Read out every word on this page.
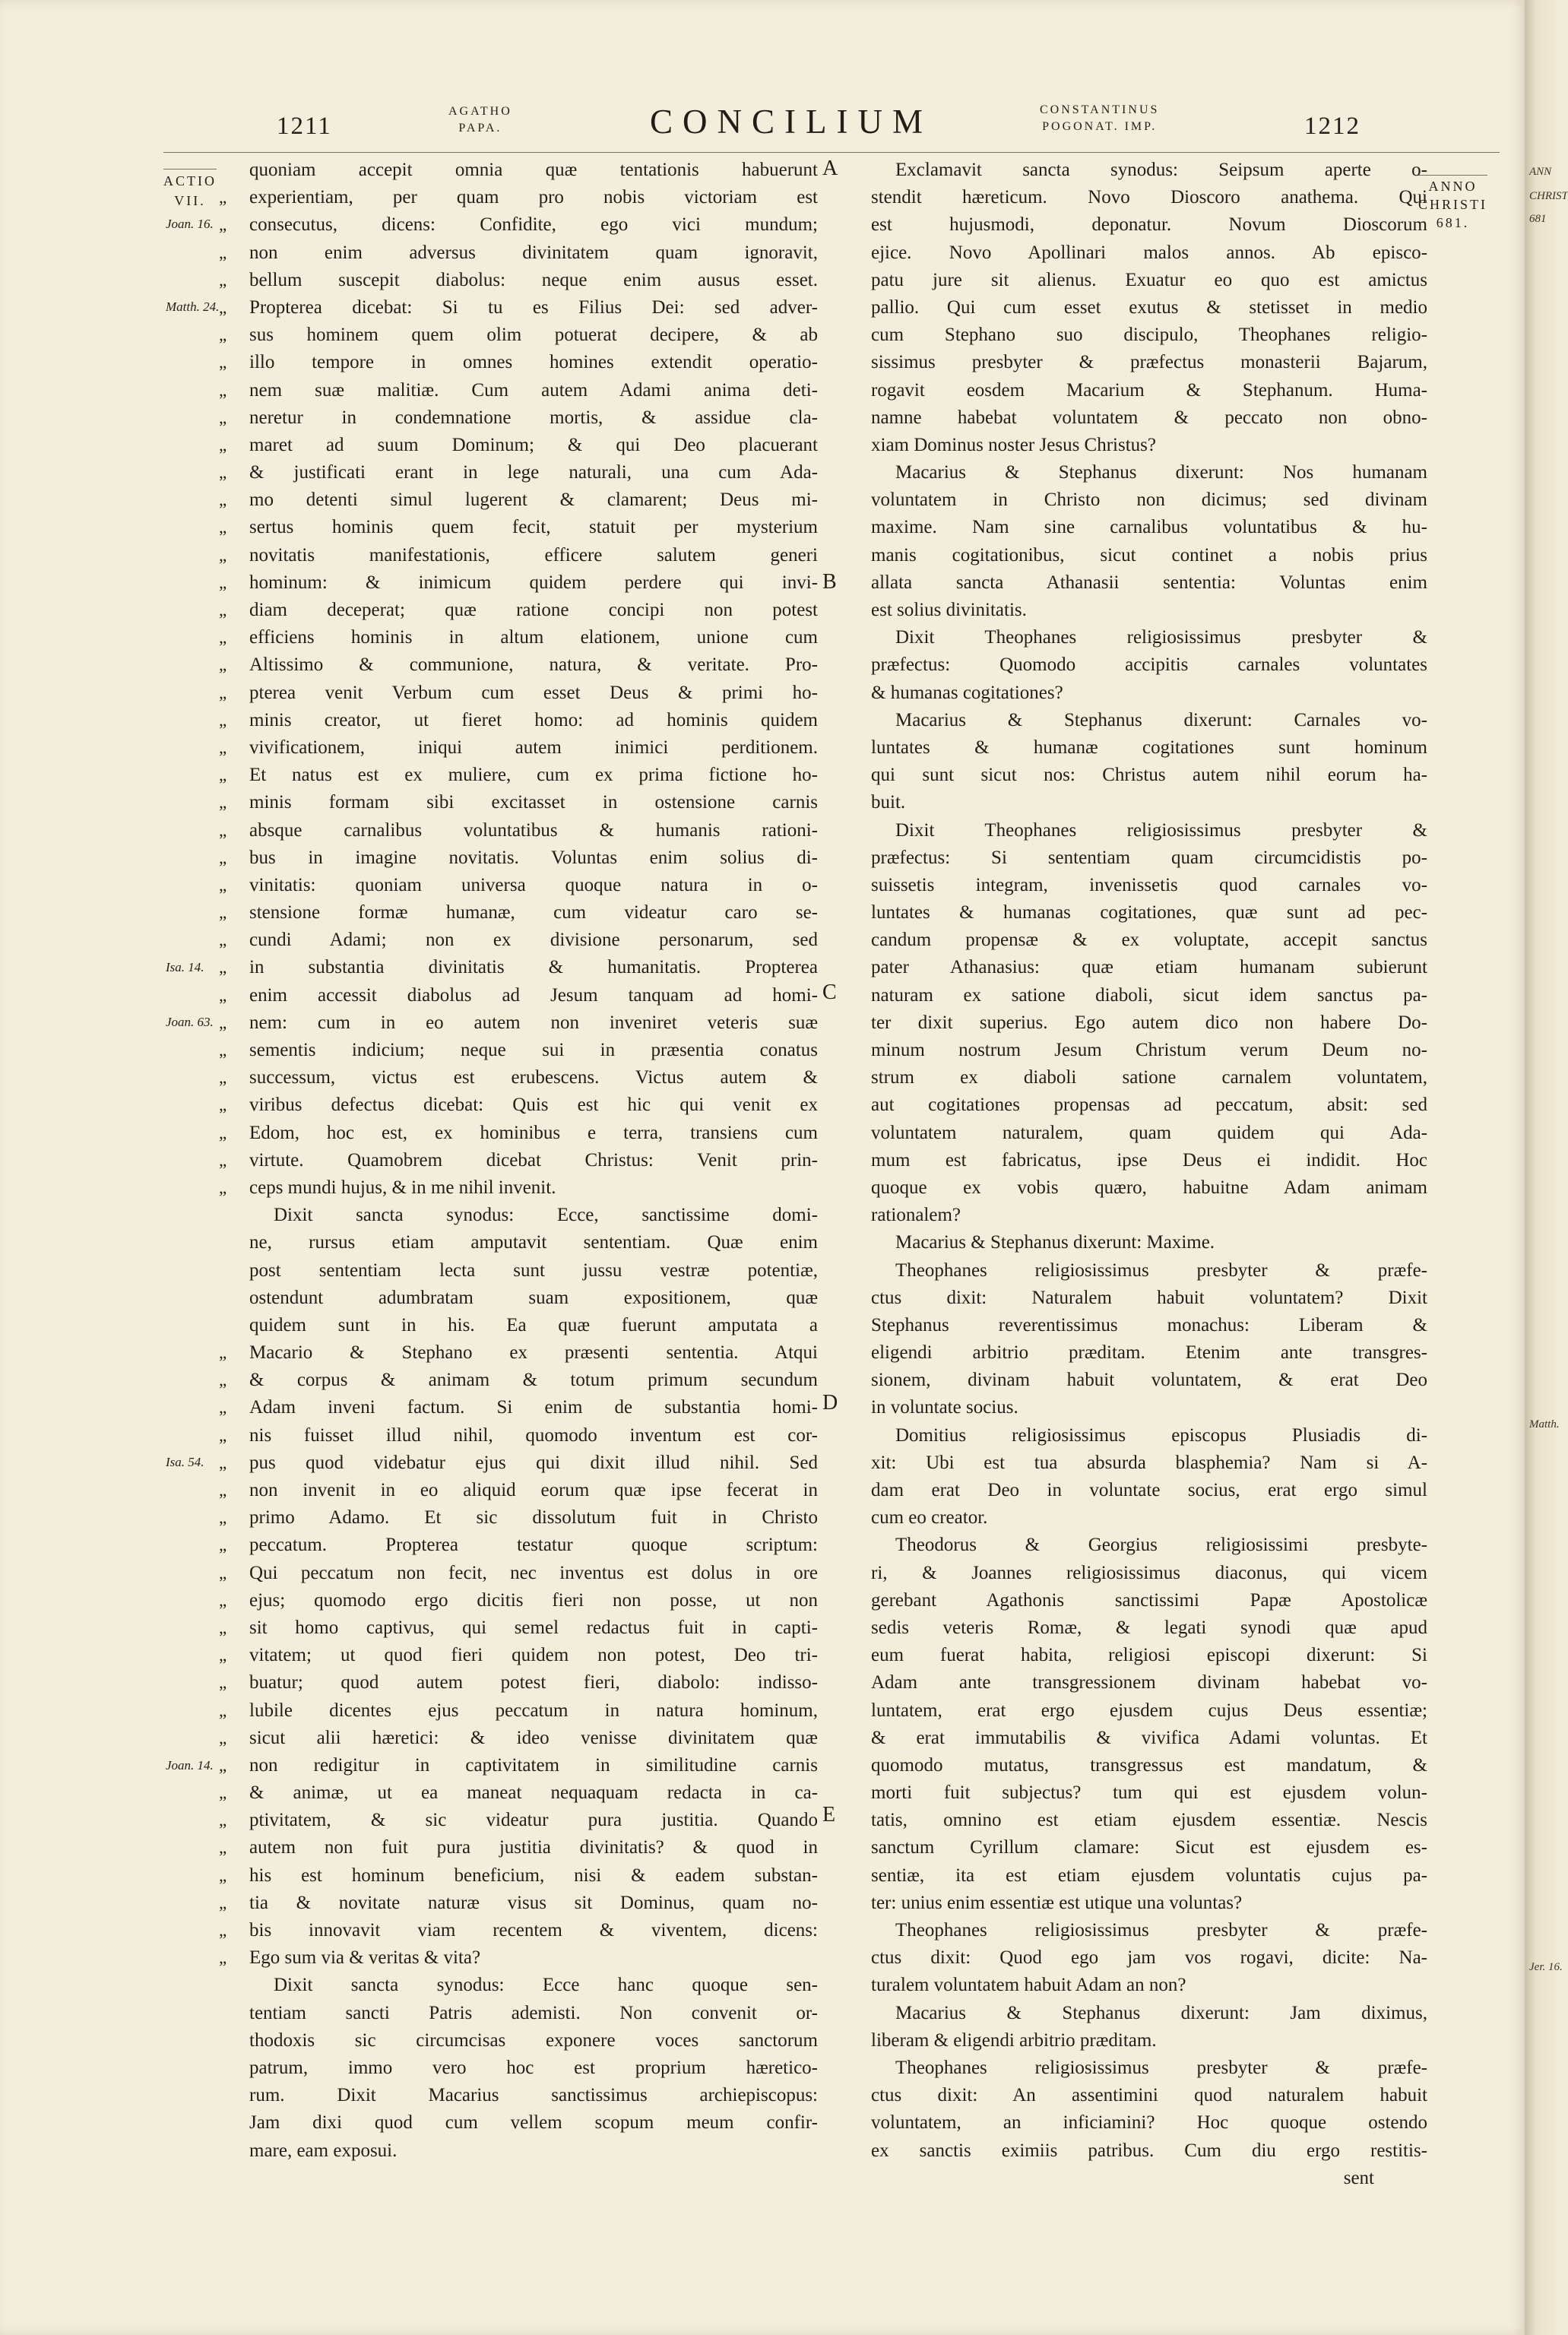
1211
AGATHO
PAPA.	CONCILIUM	CONSTANTINUS
POGONAT. IMP.	1212
ACTIO
VII.
ANNO
CHRISTI
681.
Joan. 16.
Matth. 24.
Isa. 14.
Joan. 63.
Isa. 54.
Joan. 14.
„
„
„
„
„
„
„
„
„
„
„
„
„
„
„
„
„
„
„
„
„
„
„
„
„
„
„
„
„
„
„
„
„
„
„
„
„
„
„
„
„
„
„
„
„
„
„
„
„
„
„
„
„
„
„
„
„
„
„
„
A
B
C
D
E
quoniam accepit omnia quæ tentationis habuerunt
experientiam, per quam pro nobis victoriam est
consecutus, dicens: Confidite, ego vici mundum;
non enim adversus divinitatem quam ignoravit,
bellum suscepit diabolus: neque enim ausus esset.
Propterea dicebat: Si tu es Filius Dei: sed adver-
sus hominem quem olim potuerat decipere, & ab
illo tempore in omnes homines extendit operatio-
nem suæ malitiæ. Cum autem Adami anima deti-
neretur in condemnatione mortis, & assidue cla-
maret ad suum Dominum; & qui Deo placuerant
& justificati erant in lege naturali, una cum Ada-
mo detenti simul lugerent & clamarent; Deus mi-
sertus hominis quem fecit, statuit per mysterium
novitatis manifestationis, efficere salutem generi
hominum: & inimicum quidem perdere qui invi-
diam deceperat; quæ ratione concipi non potest
efficiens hominis in altum elationem, unione cum
Altissimo & communione, natura, & veritate. Pro-
pterea venit Verbum cum esset Deus & primi ho-
minis creator, ut fieret homo: ad hominis quidem
vivificationem, iniqui autem inimici perditionem.
Et natus est ex muliere, cum ex prima fictione ho-
minis formam sibi excitasset in ostensione carnis
absque carnalibus voluntatibus & humanis rationi-
bus in imagine novitatis. Voluntas enim solius di-
vinitatis: quoniam universa quoque natura in o-
stensione formæ humanæ, cum videatur caro se-
cundi Adami; non ex divisione personarum, sed
in substantia divinitatis & humanitatis. Propterea
enim accessit diabolus ad Jesum tanquam ad homi-
nem: cum in eo autem non inveniret veteris suæ
sementis indicium; neque sui in præsentia conatus
successum, victus est erubescens. Victus autem &
viribus defectus dicebat: Quis est hic qui venit ex
Edom, hoc est, ex hominibus e terra, transiens cum
virtute. Quamobrem dicebat Christus: Venit prin-
ceps mundi hujus, & in me nihil invenit.
Dixit sancta synodus: Ecce, sanctissime domi-
ne, rursus etiam amputavit sententiam. Quæ enim
post sententiam lecta sunt jussu vestræ potentiæ,
ostendunt adumbratam suam expositionem, quæ
quidem sunt in his. Ea quæ fuerunt amputata a
Macario & Stephano ex præsenti sententia. Atqui
& corpus & animam & totum primum secundum
Adam inveni factum. Si enim de substantia homi-
nis fuisset illud nihil, quomodo inventum est cor-
pus quod videbatur ejus qui dixit illud nihil. Sed
non invenit in eo aliquid eorum quæ ipse fecerat in
primo Adamo. Et sic dissolutum fuit in Christo
peccatum. Propterea testatur quoque scriptum:
Qui peccatum non fecit, nec inventus est dolus in ore
ejus; quomodo ergo dicitis fieri non posse, ut non
sit homo captivus, qui semel redactus fuit in capti-
vitatem; ut quod fieri quidem non potest, Deo tri-
buatur; quod autem potest fieri, diabolo: indisso-
lubile dicentes ejus peccatum in natura hominum,
sicut alii hæretici: & ideo venisse divinitatem quæ
non redigitur in captivitatem in similitudine carnis
& animæ, ut ea maneat nequaquam redacta in ca-
ptivitatem, & sic videatur pura justitia. Quando
autem non fuit pura justitia divinitatis? & quod in
his est hominum beneficium, nisi & eadem substan-
tia & novitate naturæ visus sit Dominus, quam no-
bis innovavit viam recentem & viventem, dicens:
Ego sum via & veritas & vita?
Dixit sancta synodus: Ecce hanc quoque sen-
tentiam sancti Patris ademisti. Non convenit or-
thodoxis sic circumcisas exponere voces sanctorum
patrum, immo vero hoc est proprium hæretico-
rum. Dixit Macarius sanctissimus archiepiscopus:
Jam dixi quod cum vellem scopum meum confir-
mare, eam exposui.
Exclamavit sancta synodus: Seipsum aperte o-
stendit hæreticum. Novo Dioscoro anathema. Qui
est hujusmodi, deponatur. Novum Dioscorum
ejice. Novo Apollinari malos annos. Ab episco-
patu jure sit alienus. Exuatur eo quo est amictus
pallio. Qui cum esset exutus & stetisset in medio
cum Stephano suo discipulo, Theophanes religio-
sissimus presbyter & præfectus monasterii Bajarum,
rogavit eosdem Macarium & Stephanum. Huma-
namne habebat voluntatem & peccato non obno-
xiam Dominus noster Jesus Christus?
Macarius & Stephanus dixerunt: Nos humanam
voluntatem in Christo non dicimus; sed divinam
maxime. Nam sine carnalibus voluntatibus & hu-
manis cogitationibus, sicut continet a nobis prius
allata sancta Athanasii sententia: Voluntas enim
est solius divinitatis.
Dixit Theophanes religiosissimus presbyter &
præfectus: Quomodo accipitis carnales voluntates
& humanas cogitationes?
Macarius & Stephanus dixerunt: Carnales vo-
luntates & humanæ cogitationes sunt hominum
qui sunt sicut nos: Christus autem nihil eorum ha-
buit.
Dixit Theophanes religiosissimus presbyter &
præfectus: Si sententiam quam circumcidistis po-
suissetis integram, invenissetis quod carnales vo-
luntates & humanas cogitationes, quæ sunt ad pec-
candum propensæ & ex voluptate, accepit sanctus
pater Athanasius: quæ etiam humanam subierunt
naturam ex satione diaboli, sicut idem sanctus pa-
ter dixit superius. Ego autem dico non habere Do-
minum nostrum Jesum Christum verum Deum no-
strum ex diaboli satione carnalem voluntatem,
aut cogitationes propensas ad peccatum, absit: sed
voluntatem naturalem, quam quidem qui Ada-
mum est fabricatus, ipse Deus ei indidit. Hoc
quoque ex vobis quæro, habuitne Adam animam
rationalem?
Macarius & Stephanus dixerunt: Maxime.
Theophanes religiosissimus presbyter & præfe-
ctus dixit: Naturalem habuit voluntatem? Dixit
Stephanus reverentissimus monachus: Liberam &
eligendi arbitrio præditam. Etenim ante transgres-
sionem, divinam habuit voluntatem, & erat Deo
in voluntate socius.
Domitius religiosissimus episcopus Plusiadis di-
xit: Ubi est tua absurda blasphemia? Nam si A-
dam erat Deo in voluntate socius, erat ergo simul
cum eo creator.
Theodorus & Georgius religiosissimi presbyte-
ri, & Joannes religiosissimus diaconus, qui vicem
gerebant Agathonis sanctissimi Papæ Apostolicæ
sedis veteris Romæ, & legati synodi quæ apud
eum fuerat habita, religiosi episcopi dixerunt: Si
Adam ante transgressionem divinam habebat vo-
luntatem, erat ergo ejusdem cujus Deus essentiæ;
& erat immutabilis & vivifica Adami voluntas. Et
quomodo mutatus, transgressus est mandatum, &
morti fuit subjectus? tum qui est ejusdem volun-
tatis, omnino est etiam ejusdem essentiæ. Nescis
sanctum Cyrillum clamare: Sicut est ejusdem es-
sentiæ, ita est etiam ejusdem voluntatis cujus pa-
ter: unius enim essentiæ est utique una voluntas?
Theophanes religiosissimus presbyter & præfe-
ctus dixit: Quod ego jam vos rogavi, dicite: Na-
turalem voluntatem habuit Adam an non?
Macarius & Stephanus dixerunt: Jam diximus,
liberam & eligendi arbitrio præditam.
Theophanes religiosissimus presbyter & præfe-
ctus dixit: An assentimini quod naturalem habuit
voluntatem, an inficiamini? Hoc quoque ostendo
ex sanctis eximiis patribus. Cum diu ergo restitis-
sent
ANN
CHRIST
681
Matth.
Jer. 16.
